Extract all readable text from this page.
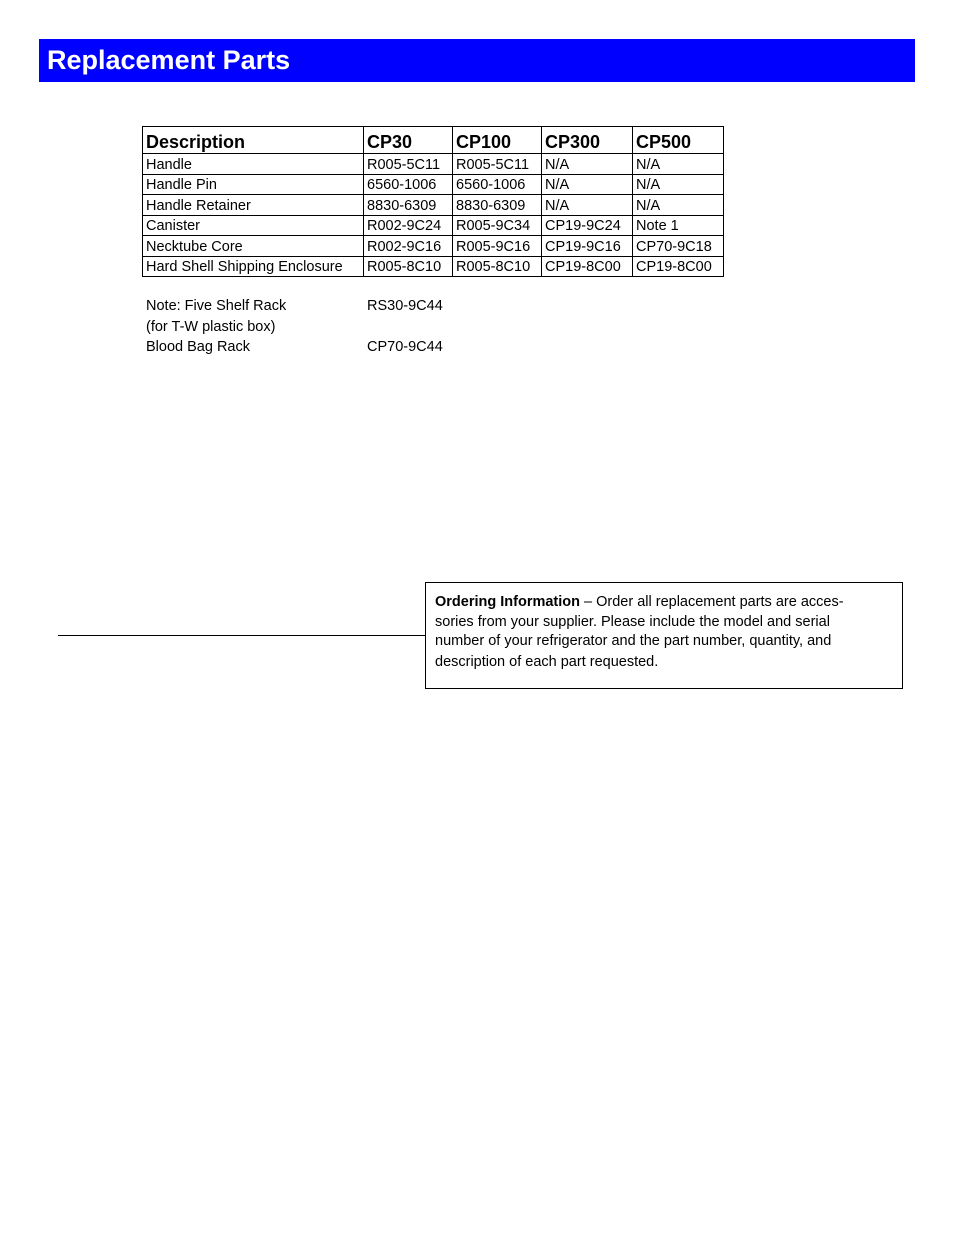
Replacement Parts
Description	CP30	CP100	CP300	CP500
Handle	R005-5C11	R005-5C11	N/A	N/A
Handle Pin	6560-1006	6560-1006	N/A	N/A
Handle Retainer	8830-6309	8830-6309	N/A	N/A
Canister	R002-9C24	R005-9C34	CP19-9C24	Note 1
Necktube Core	R002-9C16	R005-9C16	CP19-9C16	CP70-9C18
Hard Shell Shipping Enclosure	R005-8C10	R005-8C10	CP19-8C00	CP19-8C00
Note: Five Shelf Rack	RS30-9C44
(for T-W plastic box)
Blood Bag Rack	CP70-9C44
Ordering Information – Order all replacement parts are acces-
sories from your supplier. Please include the model and serial
number of your refrigerator and the part number, quantity, and
description of each part requested.
